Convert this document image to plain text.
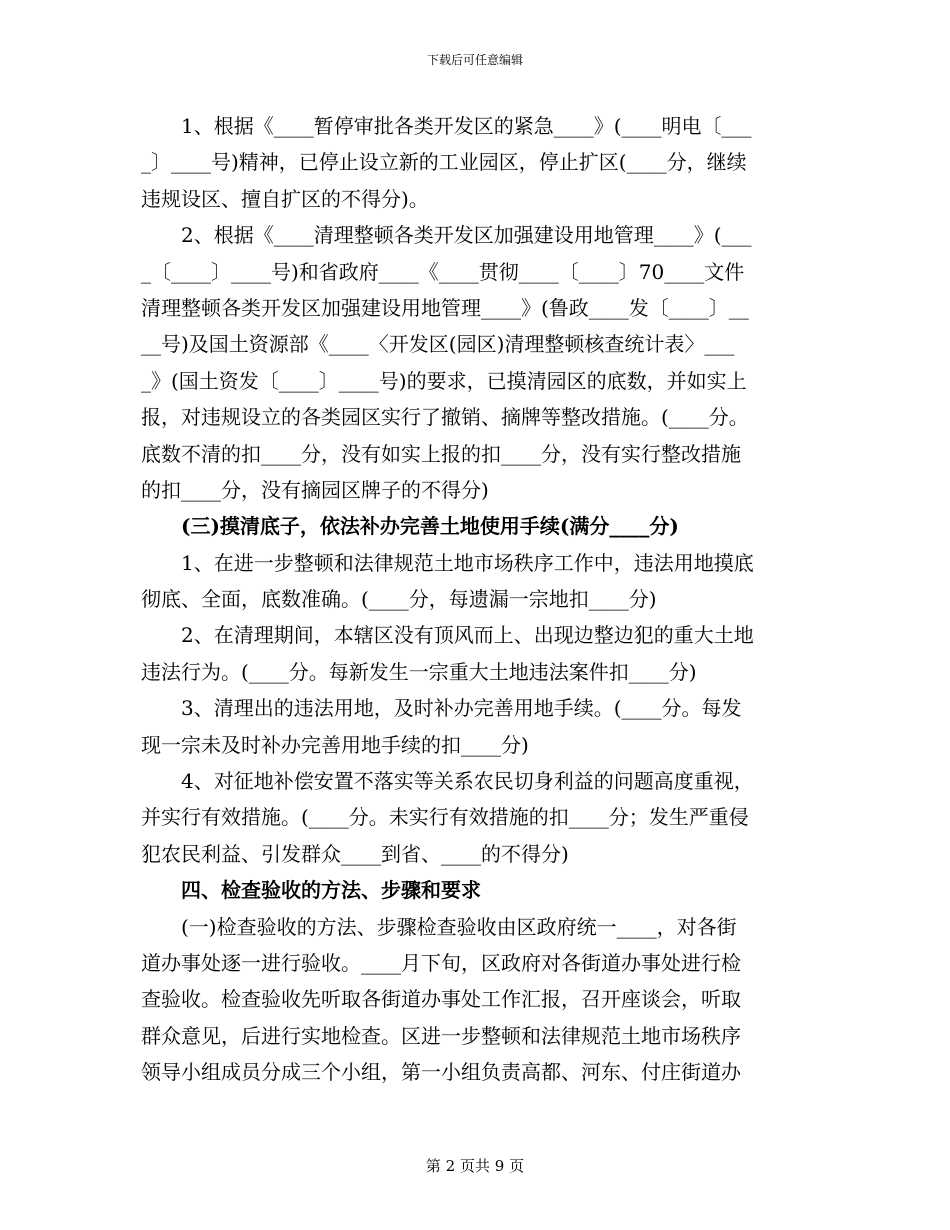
下载后可任意编辑
　　1、根据《____暂停审批各类开发区的紧急____》(____明电〔___
_〕____号)精神，已停止设立新的工业园区，停止扩区(____分，继续
违规设区、擅自扩区的不得分)。
　　2、根据《____清理整顿各类开发区加强建设用地管理____》(___
_〔____〕____号)和省政府____《____贯彻____〔____〕70____文件
清理整顿各类开发区加强建设用地管理____》(鲁政____发〔____〕__
__号)及国土资源部《____〈开发区(园区)清理整顿核查统计表〉___
_》(国土资发〔____〕____号)的要求，已摸清园区的底数，并如实上
报，对违规设立的各类园区实行了撤销、摘牌等整改措施。(____分。
底数不清的扣____分，没有如实上报的扣____分，没有实行整改措施
的扣____分，没有摘园区牌子的不得分)
　　(三)摸清底子，依法补办完善土地使用手续(满分____分)
　　1、在进一步整顿和法律规范土地市场秩序工作中，违法用地摸底
彻底、全面，底数准确。(____分，每遗漏一宗地扣____分)
　　2、在清理期间，本辖区没有顶风而上、出现边整边犯的重大土地
违法行为。(____分。每新发生一宗重大土地违法案件扣____分)
　　3、清理出的违法用地，及时补办完善用地手续。(____分。每发
现一宗未及时补办完善用地手续的扣____分)
　　4、对征地补偿安置不落实等关系农民切身利益的问题高度重视，
并实行有效措施。(____分。未实行有效措施的扣____分；发生严重侵
犯农民利益、引发群众____到省、____的不得分)
　　四、检查验收的方法、步骤和要求
　　(一)检查验收的方法、步骤检查验收由区政府统一____，对各街
道办事处逐一进行验收。____月下旬，区政府对各街道办事处进行检
查验收。检查验收先听取各街道办事处工作汇报，召开座谈会，听取
群众意见，后进行实地检查。区进一步整顿和法律规范土地市场秩序
领导小组成员分成三个小组，第一小组负责高都、河东、付庄街道办
第 2 页共 9 页
